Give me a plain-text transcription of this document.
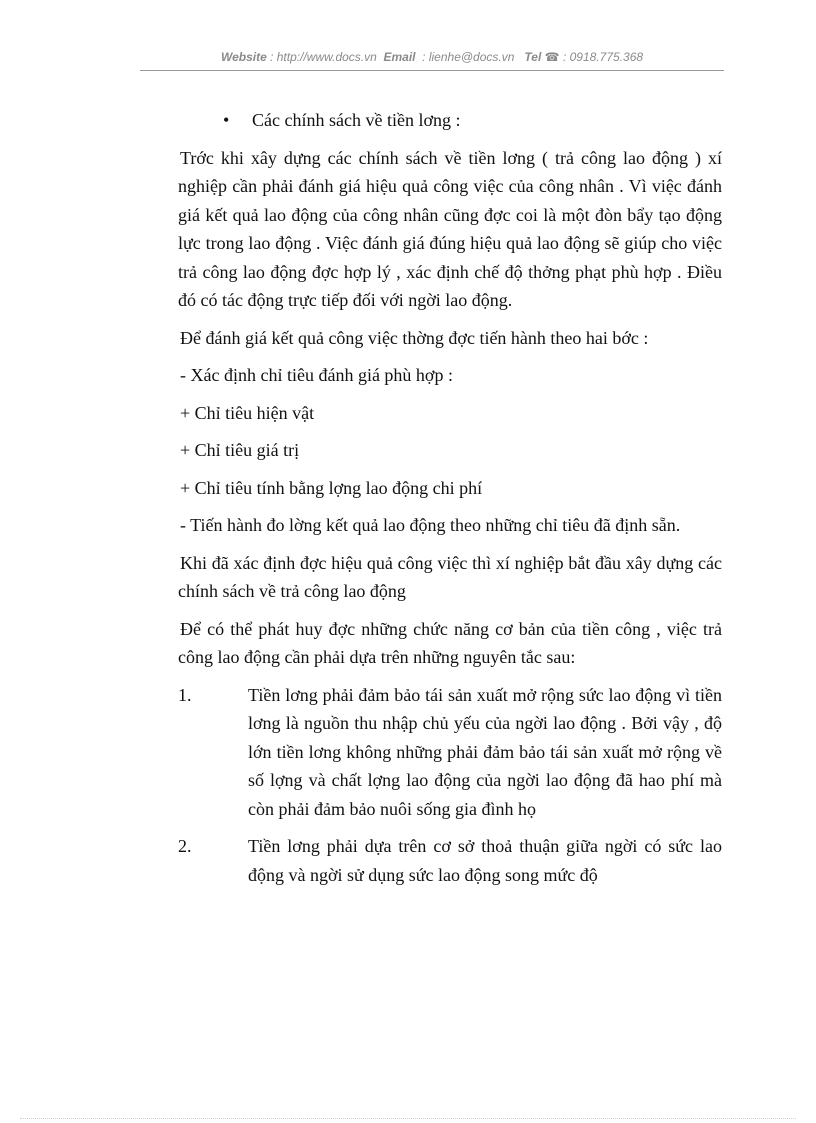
Website : http://www.docs.vn Email : lienhe@docs.vn Tel ☎ : 0918.775.368
• Các chính sách về tiền lơng :

Trớc khi xây dựng các chính sách về tiền lơng ( trả công lao động ) xí nghiệp cần phải đánh giá hiệu quả công việc của công nhân . Vì việc đánh giá kết quả lao động của công nhân cũng đợc coi là một đòn bẩy tạo động lực trong lao động . Việc đánh giá đúng hiệu quả lao động sẽ giúp cho việc trả công lao động đợc hợp lý , xác định chế độ thởng phạt phù hợp . Điều đó có tác động trực tiếp đối với ngời lao động.

Để đánh giá kết quả công việc thờng đợc tiến hành theo hai bớc :

- Xác định chỉ tiêu đánh giá phù hợp :

+ Chỉ tiêu hiện vật

+ Chỉ tiêu giá trị

+ Chỉ tiêu tính bằng lợng lao động chi phí

- Tiến hành đo lờng kết quả lao động theo những chỉ tiêu đã định sẵn.

Khi đã xác định đợc hiệu quả công việc thì xí nghiệp bắt đầu xây dựng các chính sách về trả công lao động

Để có thể phát huy đợc những chức năng cơ bản của tiền công , việc trả công lao động cần phải dựa trên những nguyên tắc sau:

1.	Tiền lơng phải đảm bảo tái sản xuất mở rộng sức lao động vì tiền lơng là nguồn thu nhập chủ yếu của ngời lao động . Bởi vậy , độ lớn tiền lơng không những phải đảm bảo tái sản xuất mở rộng về số lợng và chất lợng lao động của ngời lao động đã hao phí mà còn phải đảm bảo nuôi sống gia đình họ
2.	Tiền lơng phải dựa trên cơ sở thoả thuận giữa ngời có sức lao động và ngời sử dụng sức lao động song mức độ
